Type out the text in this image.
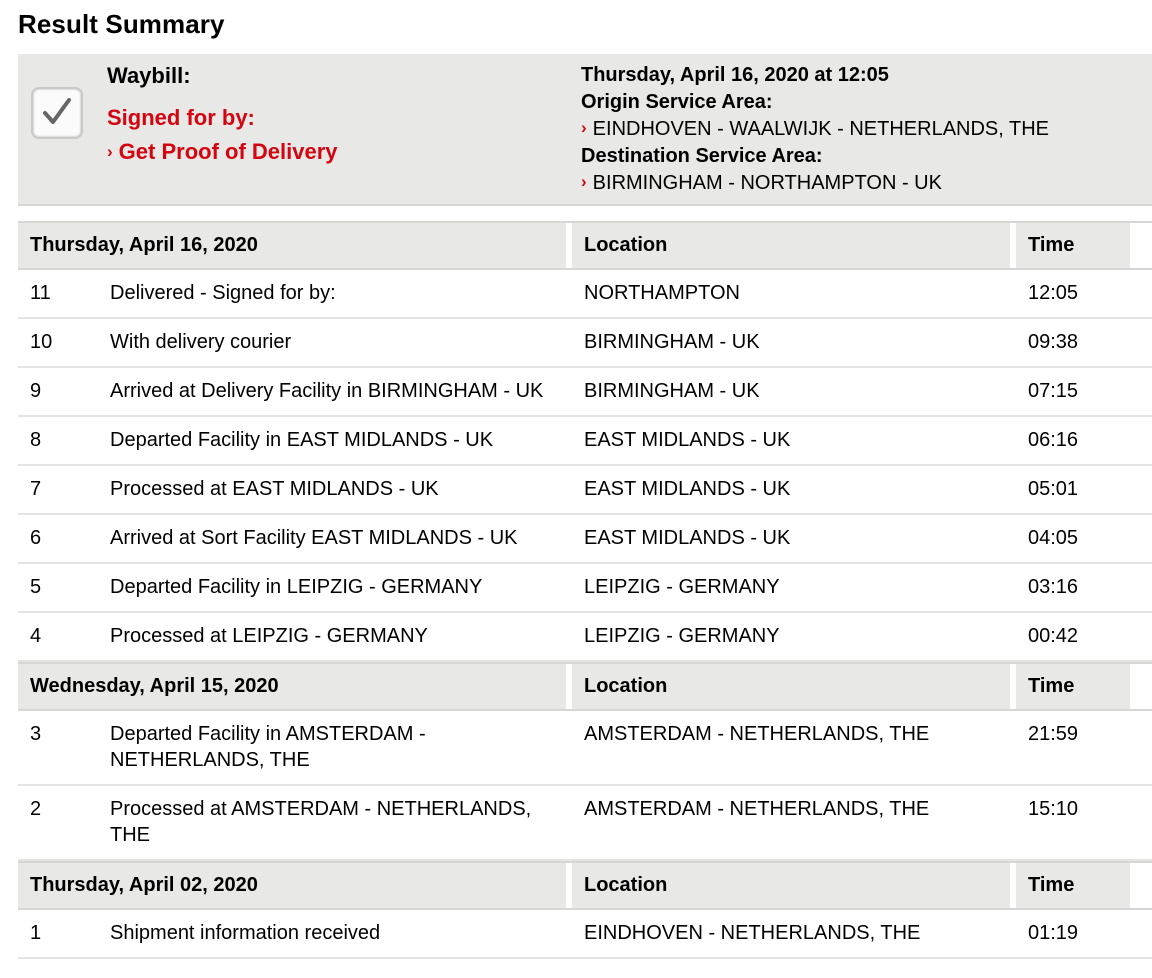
Result Summary
Waybill:
Signed for by:
› Get Proof of Delivery
Thursday, April 16, 2020 at 12:05
Origin Service Area:
› EINDHOVEN - WAALWIJK - NETHERLANDS, THE
Destination Service Area:
› BIRMINGHAM - NORTHAMPTON - UK
Thursday, April 16, 2020			Location		Time	
11	Delivered - Signed for by:		NORTHAMPTON		12:05	
10	With delivery courier		BIRMINGHAM - UK		09:38	
9	Arrived at Delivery Facility in BIRMINGHAM - UK		BIRMINGHAM - UK		07:15	
8	Departed Facility in EAST MIDLANDS - UK		EAST MIDLANDS - UK		06:16	
7	Processed at EAST MIDLANDS - UK		EAST MIDLANDS - UK		05:01	
6	Arrived at Sort Facility EAST MIDLANDS - UK		EAST MIDLANDS - UK		04:05	
5	Departed Facility in LEIPZIG - GERMANY		LEIPZIG - GERMANY		03:16	
4	Processed at LEIPZIG - GERMANY		LEIPZIG - GERMANY		00:42	
Wednesday, April 15, 2020			Location		Time	
3	Departed Facility in AMSTERDAM - NETHERLANDS, THE		AMSTERDAM - NETHERLANDS, THE		21:59	
2	Processed at AMSTERDAM - NETHERLANDS, THE		AMSTERDAM - NETHERLANDS, THE		15:10	
Thursday, April 02, 2020			Location		Time	
1	Shipment information received		EINDHOVEN - NETHERLANDS, THE		01:19	
